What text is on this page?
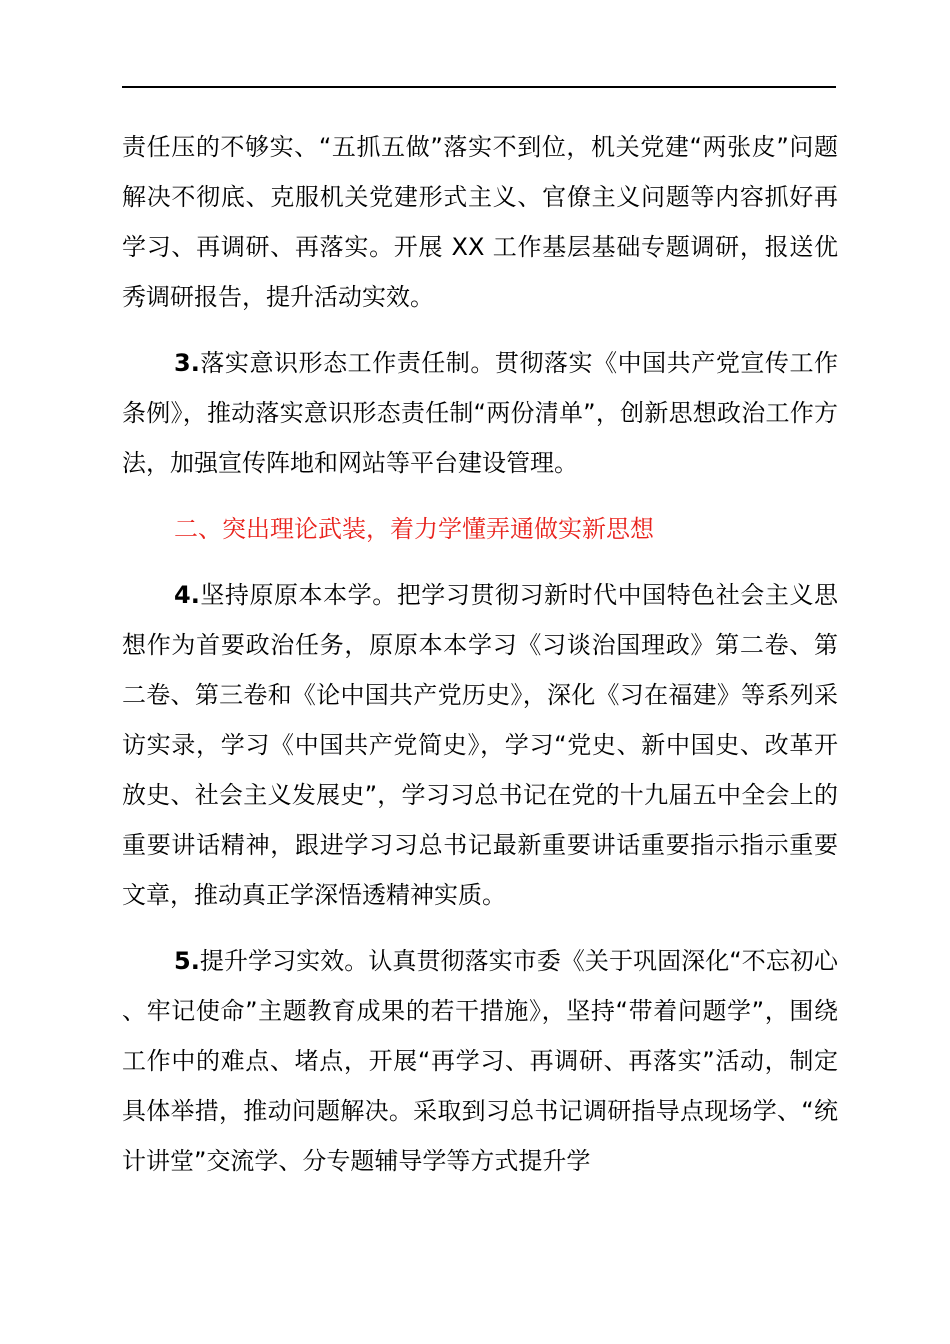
责任压的不够实、“五抓五做”落实不到位，机关党建“两张皮”问题解决不彻底、克服机关党建形式主义、官僚主义问题等内容抓好再学习、再调研、再落实。开展 XX 工作基层基础专题调研，报送优秀调研报告，提升活动实效。

3.落实意识形态工作责任制。贯彻落实《中国共产党宣传工作条例》，推动落实意识形态责任制“两份清单”，创新思想政治工作方法，加强宣传阵地和网站等平台建设管理。

二、突出理论武装，着力学懂弄通做实新思想

4.坚持原原本本学。把学习贯彻习新时代中国特色社会主义思想作为首要政治任务，原原本本学习《习谈治国理政》第二卷、第二卷、第三卷和《论中国共产党历史》，深化《习在福建》等系列采访实录，学习《中国共产党简史》，学习“党史、新中国史、改革开放史、社会主义发展史”，学习习总书记在党的十九届五中全会上的重要讲话精神，跟进学习习总书记最新重要讲话重要指示指示重要文章，推动真正学深悟透精神实质。

5.提升学习实效。认真贯彻落实市委《关于巩固深化“不忘初心、牢记使命”主题教育成果的若干措施》，坚持“带着问题学”，围绕工作中的难点、堵点，开展“再学习、再调研、再落实”活动，制定具体举措，推动问题解决。采取到习总书记调研指导点现场学、“统计讲堂”交流学、分专题辅导学等方式提升学
